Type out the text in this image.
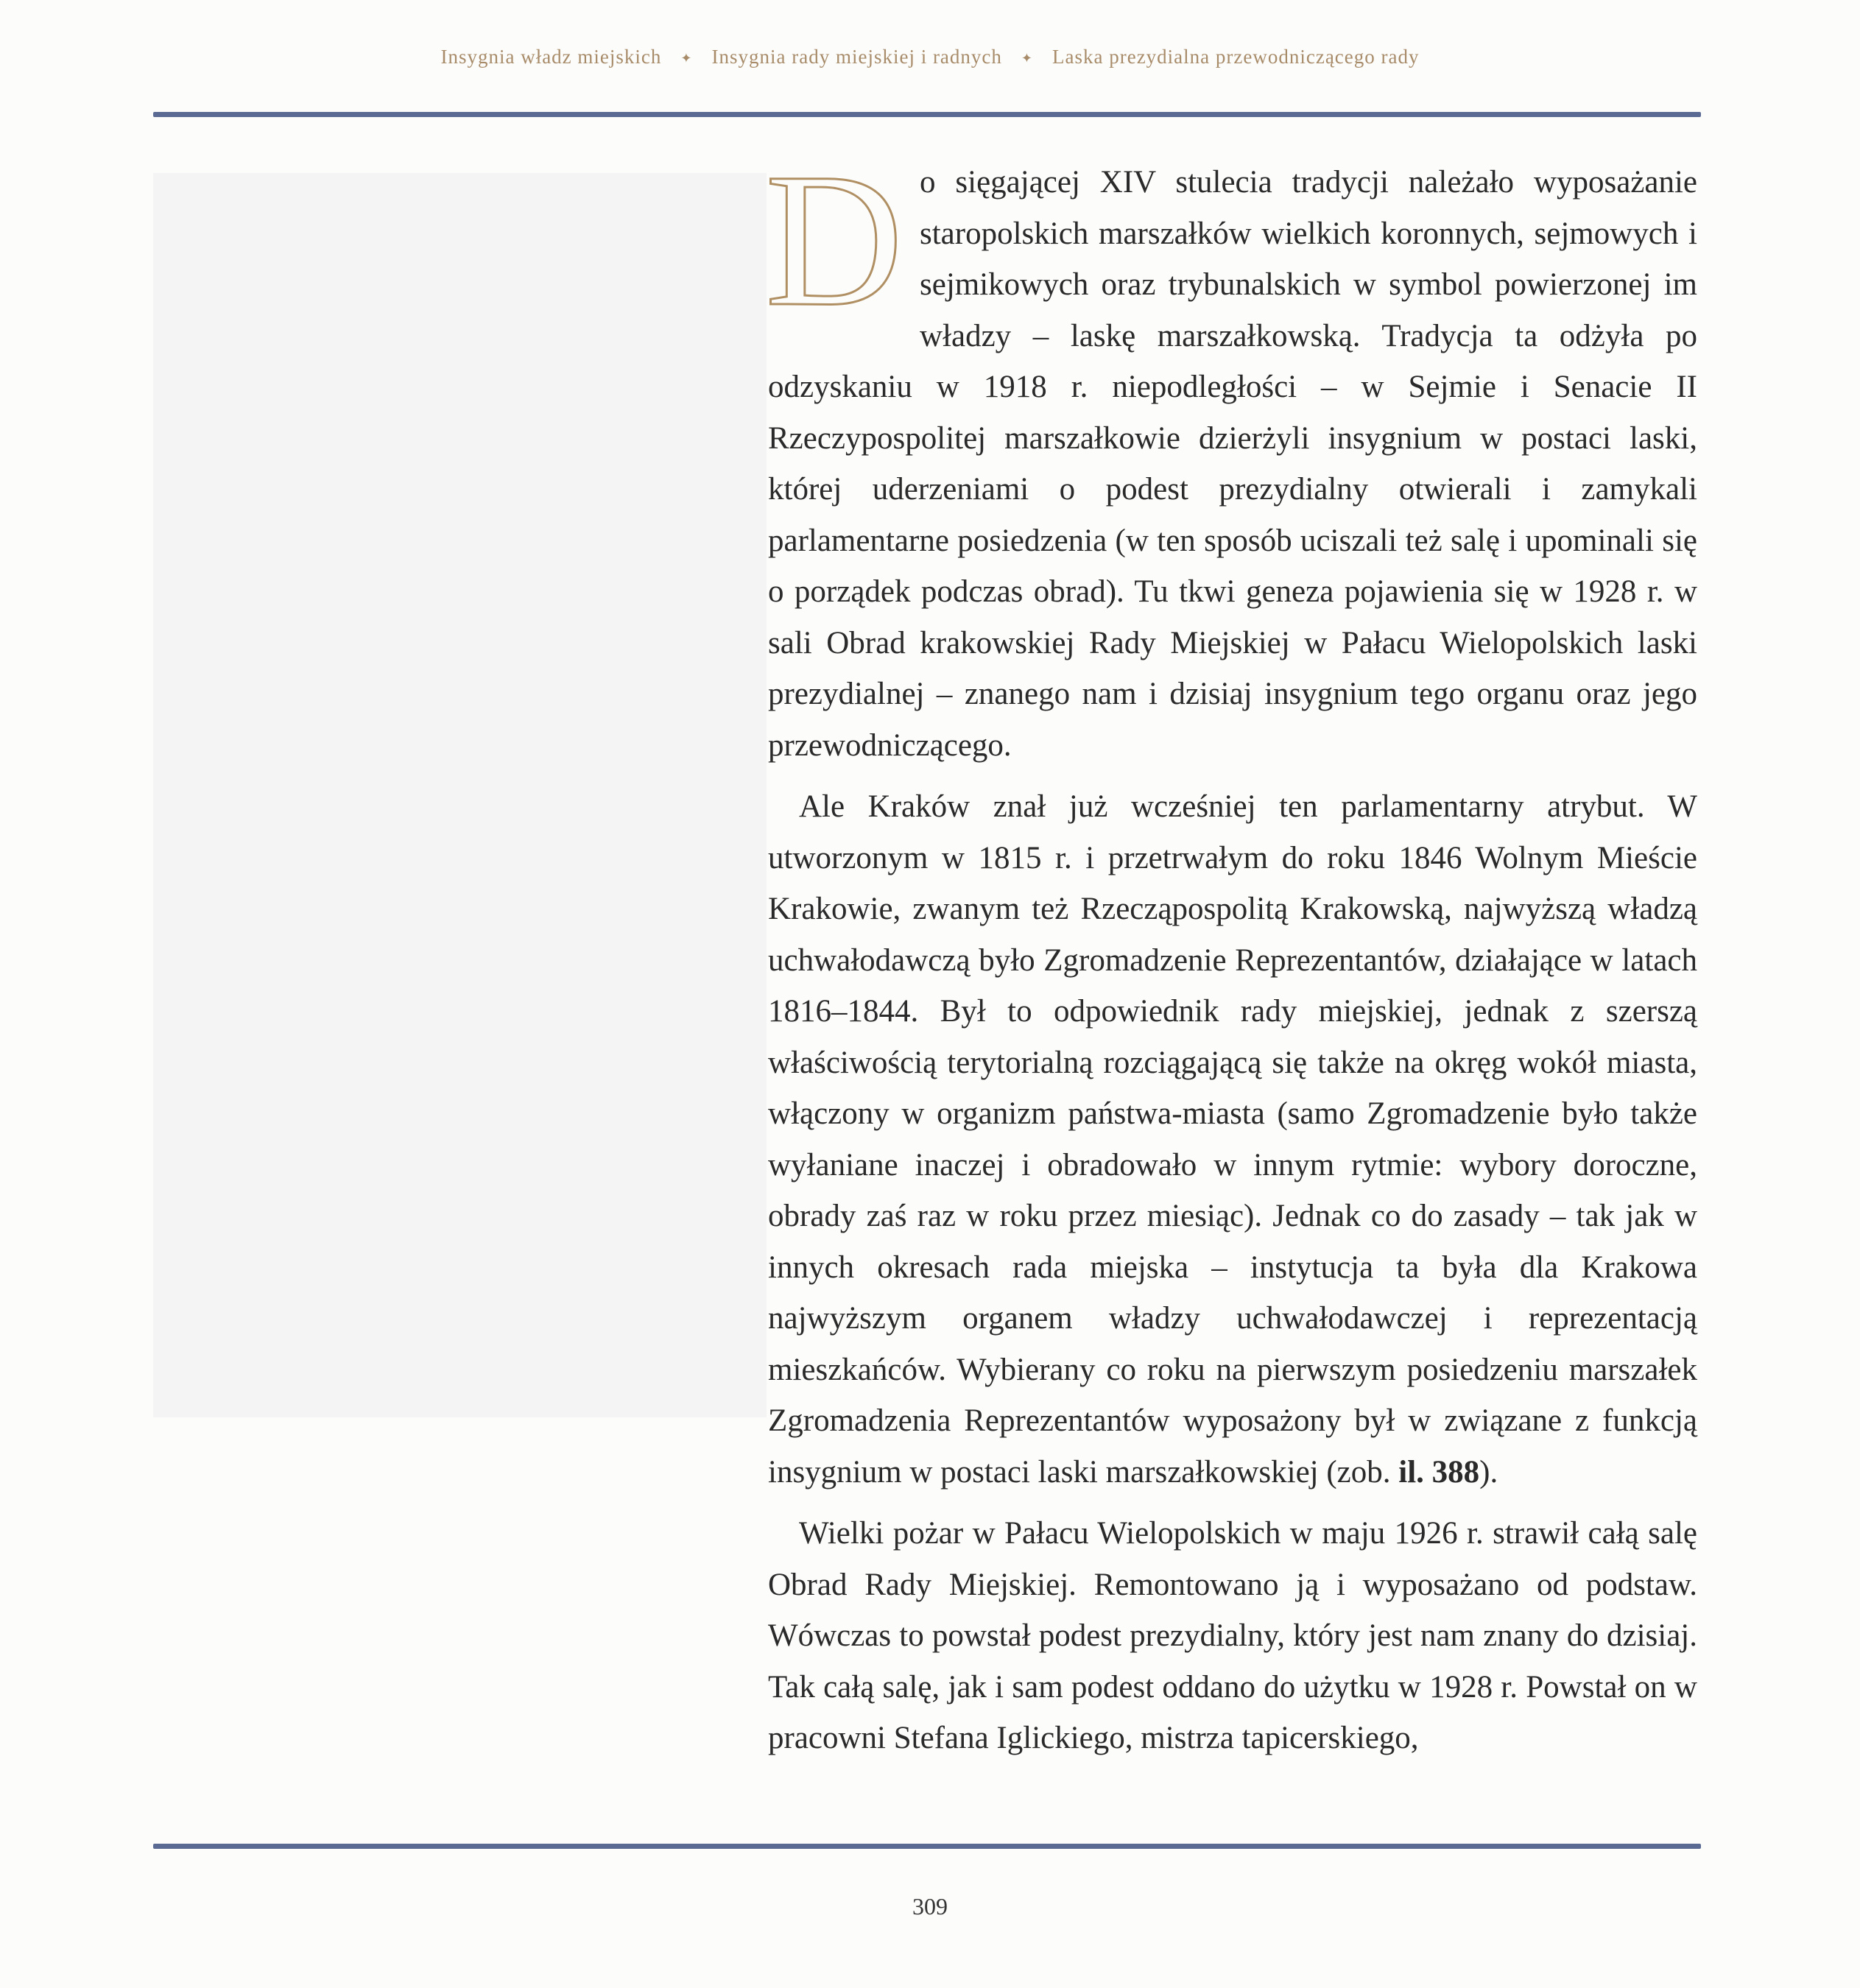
Insygnia władz miejskich ✦ Insygnia rady miejskiej i radnych ✦ Laska prezydialna przewodniczącego rady

D o sięgającej XIV stulecia tradycji należało wyposażanie staropolskich marszałków wielkich koronnych, sejmowych i sejmikowych oraz trybunalskich w symbol powierzonej im władzy – laskę marszałkowską. Tradycja ta odżyła po odzyskaniu w 1918 r. niepodległości – w Sejmie i Senacie II Rzeczypospolitej marszałkowie dzierżyli insygnium w postaci laski, której uderzeniami o podest prezydialny otwierali i zamykali parlamentarne posiedzenia (w ten sposób uciszali też salę i upominali się o porządek podczas obrad). Tu tkwi geneza pojawienia się w 1928 r. w sali Obrad krakowskiej Rady Miejskiej w Pałacu Wielopolskich laski prezydialnej – znanego nam i dzisiaj insygnium tego organu oraz jego przewodniczącego.

Ale Kraków znał już wcześniej ten parlamentarny atrybut. W utworzonym w 1815 r. i przetrwałym do roku 1846 Wolnym Mieście Krakowie, zwanym też Rzecząpospolitą Krakowską, najwyższą władzą uchwałodawczą było Zgromadzenie Reprezentantów, działające w latach 1816–1844. Był to odpowiednik rady miejskiej, jednak z szerszą właściwością terytorialną rozciągającą się także na okręg wokół miasta, włączony w organizm państwa-miasta (samo Zgromadzenie było także wyłaniane inaczej i obradowało w innym rytmie: wybory doroczne, obrady zaś raz w roku przez miesiąc). Jednak co do zasady – tak jak w innych okresach rada miejska – instytucja ta była dla Krakowa najwyższym organem władzy uchwałodawczej i reprezentacją mieszkańców. Wybierany co roku na pierwszym posiedzeniu marszałek Zgromadzenia Reprezentantów wyposażony był w związane z funkcją insygnium w postaci laski marszałkowskiej (zob. il. 388).

Wielki pożar w Pałacu Wielopolskich w maju 1926 r. strawił całą salę Obrad Rady Miejskiej. Remontowano ją i wyposażano od podstaw. Wówczas to powstał podest prezydialny, który jest nam znany do dzisiaj. Tak całą salę, jak i sam podest oddano do użytku w 1928 r. Powstał on w pracowni Stefana Iglickiego, mistrza tapicerskiego,

309
